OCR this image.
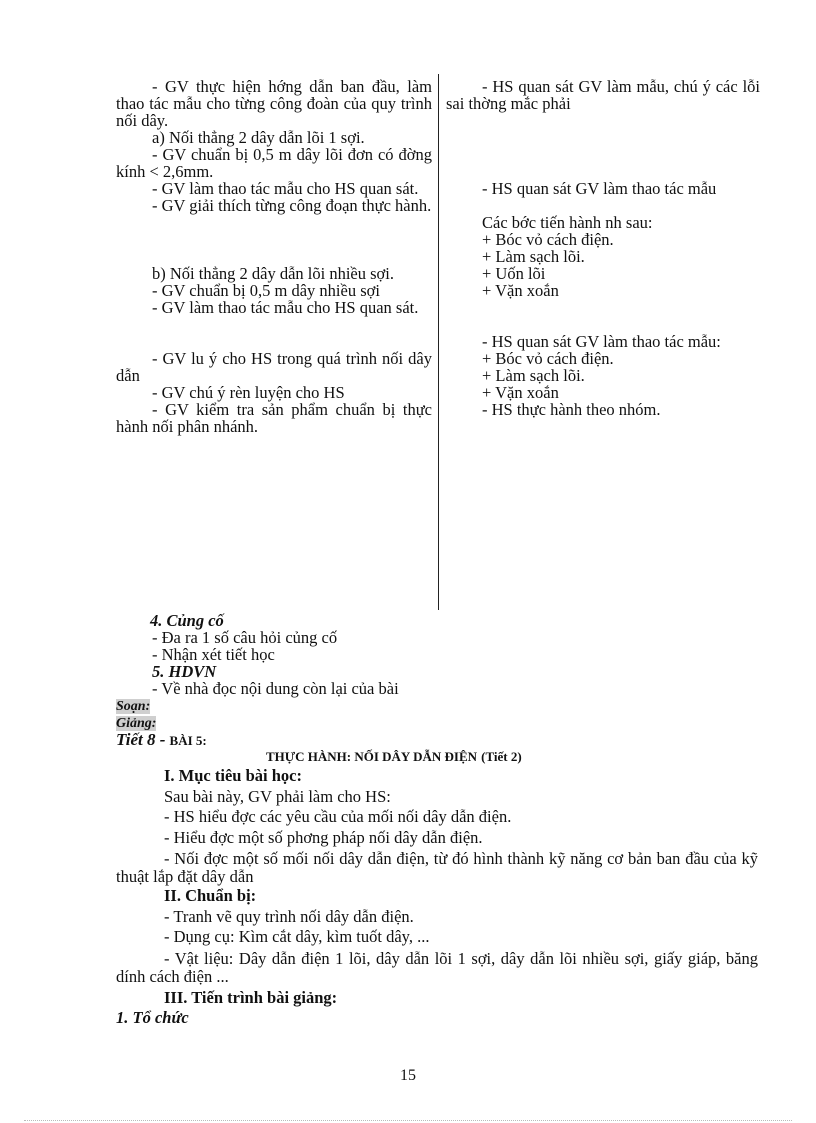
- GV thực hiện hớng dẫn ban đầu, làm thao tác mẫu cho từng công đoàn của quy trình nối dây.

a) Nối thẳng 2 dây dẫn lõi 1 sợi.

- GV chuẩn bị 0,5 m dây lõi đơn có đờng kính < 2,6mm.

- GV làm thao tác mẫu cho HS quan sát.

- GV giải thích từng công đoạn thực hành.

b) Nối thẳng 2 dây dẫn lõi nhiều sợi.

- GV chuẩn bị 0,5 m dây nhiều sợi

- GV làm thao tác mẫu cho HS quan sát.

- GV lu ý cho HS trong quá trình nối dây dẫn

- GV chú ý rèn luyện cho HS

- GV kiểm tra sản phẩm chuẩn bị thực hành nối phân nhánh.

- HS quan sát GV làm mẫu, chú ý các lỗi sai thờng mắc phải

- HS quan sát GV làm thao tác mẫu

Các bớc tiến hành nh sau:

+ Bóc vỏ cách điện.

+ Làm sạch lõi.

+ Uốn lõi

+ Vặn xoắn

- HS quan sát GV làm thao tác mẫu:

+ Bóc vỏ cách điện.

+ Làm sạch lõi.

+ Vặn xoắn

- HS thực hành theo nhóm.

4. Củng cố
- Đa ra 1 số câu hỏi củng cố
- Nhận xét tiết học
5. HDVN
- Về nhà đọc nội dung còn lại của bài
Soạn:
Giảng:
Tiết 8 - BÀI 5:
THỰC HÀNH: NỐI DÂY DẪN ĐIỆN (Tiết 2)
I. Mục tiêu bài học:
Sau bài này, GV phải làm cho HS:
- HS hiểu đợc các yêu cầu của mối nối dây dẫn điện.
- Hiểu đợc một số phơng pháp nối dây dẫn điện.

- Nối đợc một số mối nối dây dẫn điện, từ đó hình thành kỹ năng cơ bản ban đầu của kỹ thuật lắp đặt dây dẫn

II. Chuẩn bị:
- Tranh vẽ quy trình nối dây dẫn điện.
- Dụng cụ: Kìm cắt dây, kìm tuốt dây, ...

- Vật liệu: Dây dẫn điện 1 lõi, dây dẫn lõi 1 sợi, dây dẫn lõi nhiều sợi, giấy giáp, băng dính cách điện ...

III. Tiến trình bài giảng:
1. Tổ chức
15
